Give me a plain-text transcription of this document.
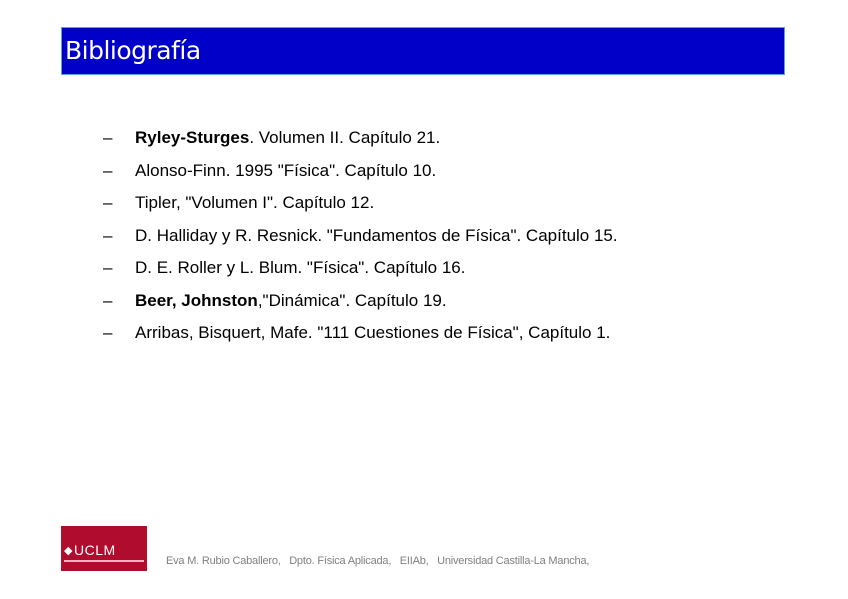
Bibliografía
–	Ryley-Sturges. Volumen II. Capítulo 21.
–	Alonso-Finn. 1995 "Física". Capítulo 10.
–	Tipler, "Volumen I". Capítulo 12.
–	D. Halliday y R. Resnick. "Fundamentos de Física". Capítulo 15.
–	D. E. Roller y L. Blum. "Física". Capítulo 16.
–	Beer, Johnston,"Dinámica". Capítulo 19.
–	Arribas, Bisquert, Mafe. "111 Cuestiones de Física", Capítulo 1.
◆UCLM
Eva M. Rubio Caballero,   Dpto. Física Aplicada,   EIIAb,   Universidad Castilla-La Mancha,
